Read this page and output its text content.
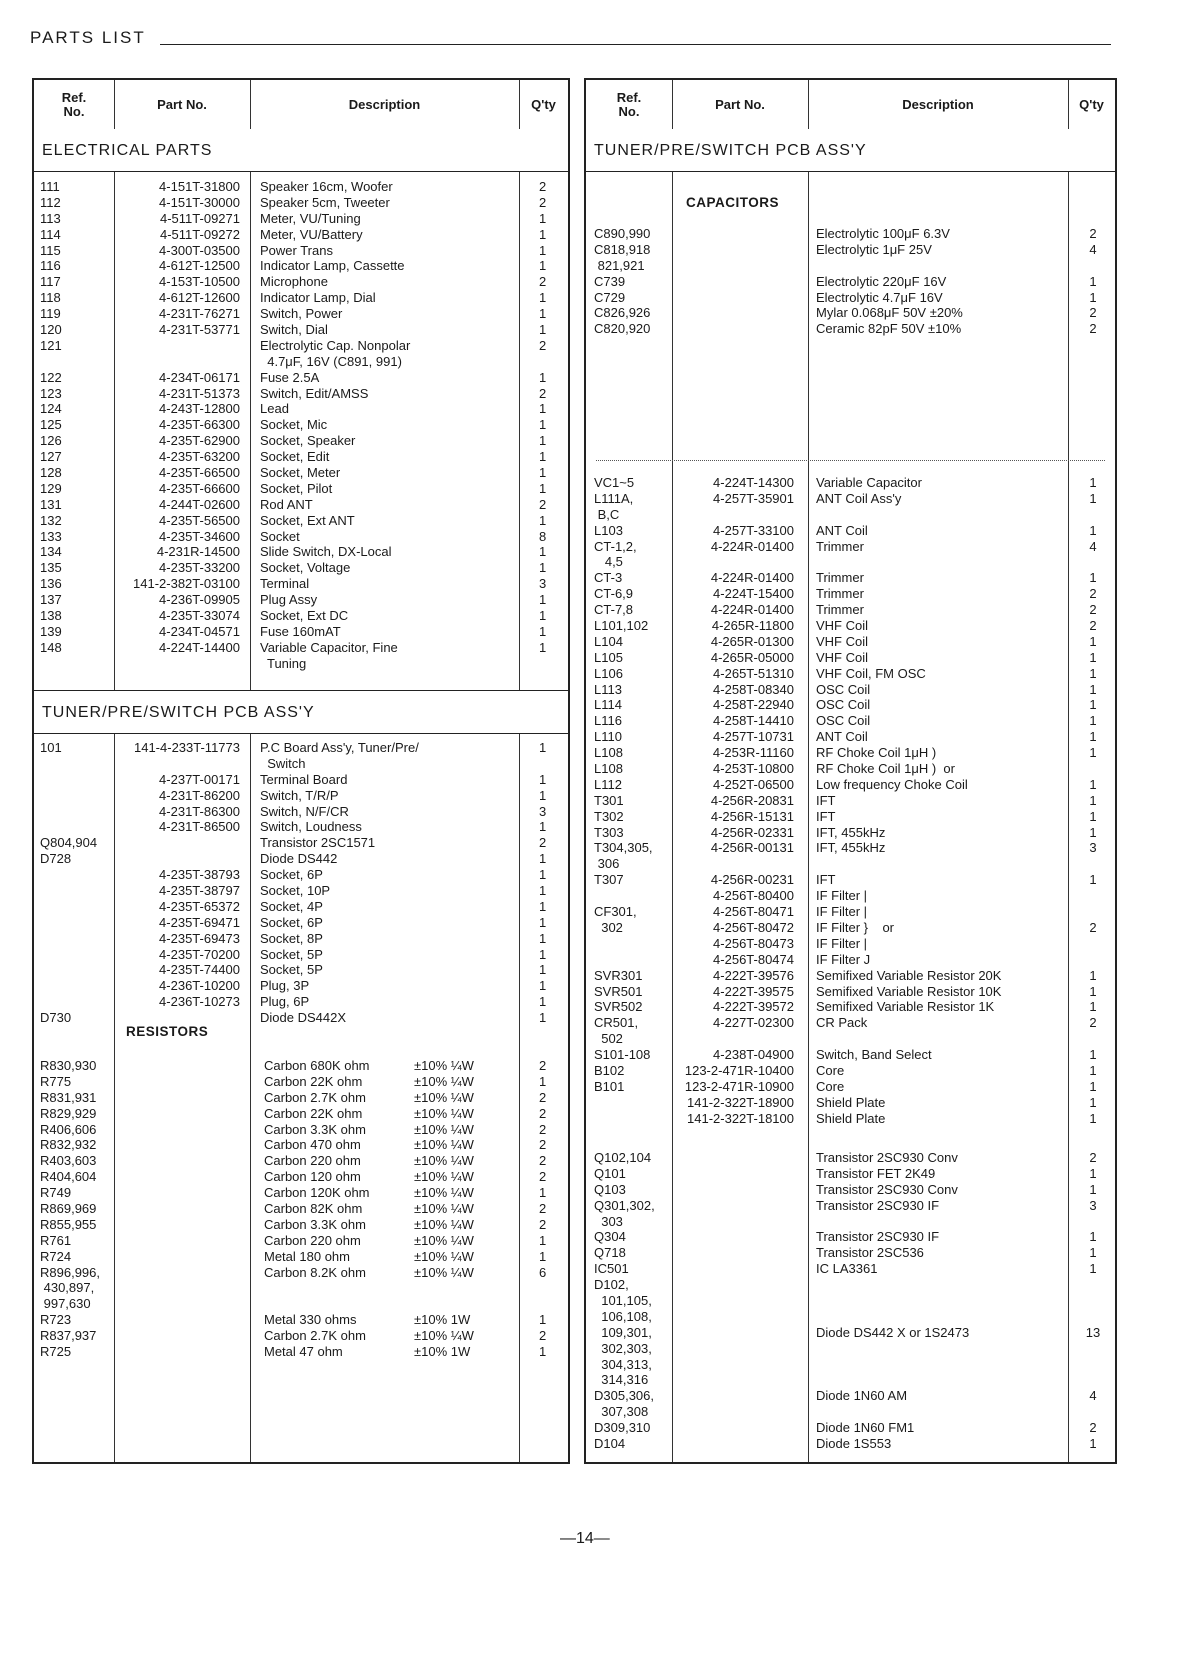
PARTS LIST
Ref.
No.	Part No.	Description	Q'ty
ELECTRICAL PARTS
111	4-151T-31800 Speaker 16cm, Woofer	2
112	4-151T-30000 Speaker 5cm, Tweeter	2
113	4-511T-09271 Meter, VU/Tuning	1
114	4-511T-09272 Meter, VU/Battery	1
115	4-300T-03500 Power Trans	1
116	4-612T-12500 Indicator Lamp, Cassette	1
117	4-153T-10500 Microphone	2
118	4-612T-12600 Indicator Lamp, Dial	1
119	4-231T-76271 Switch, Power	1
120	4-231T-53771 Switch, Dial	1
121	Electrolytic Cap. Nonpolar	2
4.7μF, 16V (C891, 991)
122	4-234T-06171 Fuse 2.5A	1
123	4-231T-51373 Switch, Edit/AMSS	2
124	4-243T-12800 Lead	1
125	4-235T-66300 Socket, Mic	1
126	4-235T-62900 Socket, Speaker	1
127	4-235T-63200 Socket, Edit	1
128	4-235T-66500 Socket, Meter	1
129	4-235T-66600 Socket, Pilot	1
131	4-244T-02600 Rod ANT	2
132	4-235T-56500 Socket, Ext ANT	1
133	4-235T-34600 Socket	8
134	4-231R-14500 Slide Switch, DX-Local	1
135	4-235T-33200 Socket, Voltage	1
136	141-2-382T-03100 Terminal	3
137	4-236T-09905 Plug Assy	1
138	4-235T-33074 Socket, Ext DC	1
139	4-234T-04571 Fuse 160mAT	1
148	4-224T-14400 Variable Capacitor, Fine	1
Tuning
TUNER/PRE/SWITCH PCB ASS'Y
101	141-4-233T-11773 P.C Board Ass'y, Tuner/Pre/	1
Switch
4-237T-00171 Terminal Board	1
4-231T-86200 Switch, T/R/P	1
4-231T-86300 Switch, N/F/CR	3
4-231T-86500 Switch, Loudness	1
Q804,904	Transistor 2SC1571	2
D728	Diode DS442	1
4-235T-38793 Socket, 6P	1
4-235T-38797 Socket, 10P	1
4-235T-65372 Socket, 4P	1
4-235T-69471 Socket, 6P	1
4-235T-69473 Socket, 8P	1
4-235T-70200 Socket, 5P	1
4-235T-74400 Socket, 5P	1
4-236T-10200 Plug, 3P	1
4-236T-10273 Plug, 6P	1
D730	Diode DS442X	1
RESISTORS
R830,930	Carbon 680K ohm	±10% ¼W	2
R775	Carbon 22K ohm	±10% ¼W	1
R831,931	Carbon 2.7K ohm	±10% ¼W	2
R829,929	Carbon 22K ohm	±10% ¼W	2
R406,606	Carbon 3.3K ohm	±10% ¼W	2
R832,932	Carbon 470 ohm	±10% ¼W	2
R403,603	Carbon 220 ohm	±10% ¼W	2
R404,604	Carbon 120 ohm	±10% ¼W	2
R749	Carbon 120K ohm	±10% ¼W	1
R869,969	Carbon 82K ohm	±10% ¼W	2
R855,955	Carbon 3.3K ohm	±10% ¼W	2
R761	Carbon 220 ohm	±10% ¼W	1
R724	Metal 180 ohm	±10% ¼W	1
R896,996,	Carbon 8.2K ohm	±10% ¼W	6
430,897,
997,630
R723	Metal 330 ohms	±10% 1W	1
R837,937	Carbon 2.7K ohm	±10% ¼W	2
R725	Metal 47 ohm	±10% 1W	1
Ref.
No.	Part No.	Description	Q'ty
TUNER/PRE/SWITCH PCB ASS'Y
CAPACITORS
C890,990	Electrolytic 100μF 6.3V	2
C818,918	Electrolytic 1μF 25V	4
821,921
C739	Electrolytic 220μF 16V	1
C729	Electrolytic 4.7μF 16V	1
C826,926	Mylar 0.068μF 50V ±20%	2
C820,920	Ceramic 82pF 50V ±10%	2
VC1~5	4-224T-14300 Variable Capacitor	1
L111A,	4-257T-35901 ANT Coil Ass'y	1
B,C
L103	4-257T-33100 ANT Coil	1
CT-1,2,	4-224R-01400 Trimmer	4
4,5
CT-3	4-224R-01400 Trimmer	1
CT-6,9	4-224T-15400 Trimmer	2
CT-7,8	4-224R-01400 Trimmer	2
L101,102	4-265R-11800 VHF Coil	2
L104	4-265R-01300 VHF Coil	1
L105	4-265R-05000 VHF Coil	1
L106	4-265T-51310 VHF Coil, FM OSC	1
L113	4-258T-08340 OSC Coil	1
L114	4-258T-22940 OSC Coil	1
L116	4-258T-14410 OSC Coil	1
L110	4-257T-10731 ANT Coil	1
L108	4-253R-11160 RF Choke Coil 1μH )	1
L108	4-253T-10800 RF Choke Coil 1μH )  or
L112	4-252T-06500 Low frequency Choke Coil	1
T301	4-256R-20831 IFT	1
T302	4-256R-15131 IFT	1
T303	4-256R-02331 IFT, 455kHz	1
T304,305,	4-256R-00131 IFT, 455kHz	3
306
T307	4-256R-00231 IFT	1
4-256T-80400 IF Filter |
CF301,	4-256T-80471 IF Filter |
302	4-256T-80472 IF Filter }    or	2
4-256T-80473 IF Filter |
4-256T-80474 IF Filter J
SVR301	4-222T-39576 Semifixed Variable Resistor 20K	1
SVR501	4-222T-39575 Semifixed Variable Resistor 10K	1
SVR502	4-222T-39572 Semifixed Variable Resistor 1K	1
CR501,	4-227T-02300 CR Pack	2
502
S101-108	4-238T-04900 Switch, Band Select	1
B102	123-2-471R-10400 Core	1
B101	123-2-471R-10900 Core	1
141-2-322T-18900 Shield Plate	1
141-2-322T-18100 Shield Plate	1
Q102,104	Transistor 2SC930 Conv	2
Q101	Transistor FET 2K49	1
Q103	Transistor 2SC930 Conv	1
Q301,302,	Transistor 2SC930 IF	3
303
Q304	Transistor 2SC930 IF	1
Q718	Transistor 2SC536	1
IC501	IC LA3361	1
D102,
101,105,
106,108,
109,301,	Diode DS442 X or 1S2473	13
302,303,
304,313,
314,316
D305,306,	Diode 1N60 AM	4
307,308
D309,310	Diode 1N60 FM1	2
D104	Diode 1S553	1
—14—
